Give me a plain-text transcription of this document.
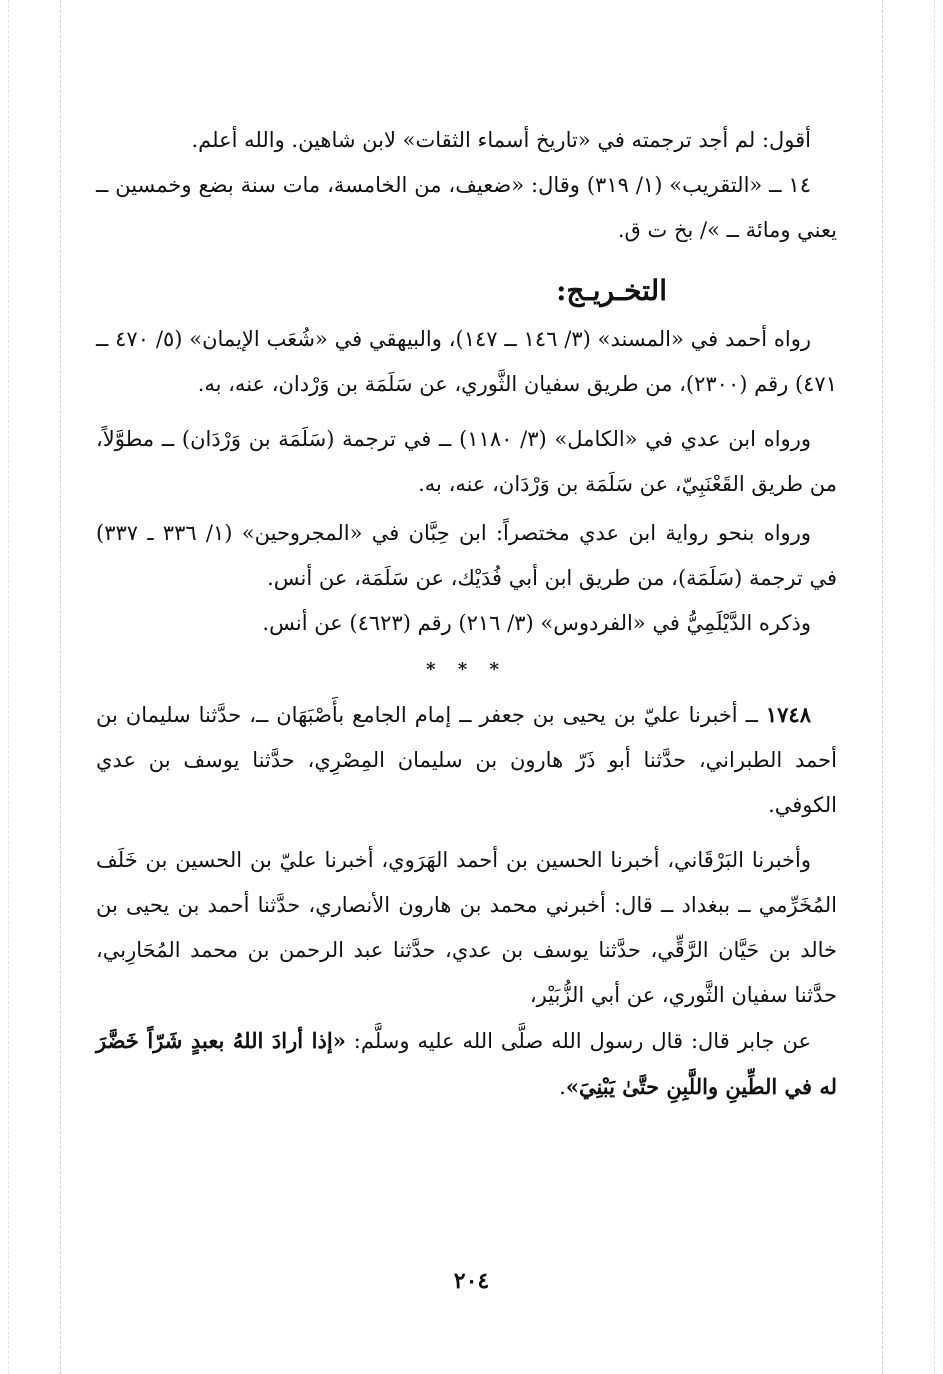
أقول: لم أجد ترجمته في «تاريخ أسماء الثقات» لابن شاهين. والله أعلم.

١٤ ــ «التقريب» (١/ ٣١٩) وقال: «ضعيف، من الخامسة، مات سنة بضع وخمسين ــ يعني ومائة ــ »/ بخ ت ق.

التخـريـج:

رواه أحمد في «المسند» (٣/ ١٤٦ ــ ١٤٧)، والبيهقي في «شُعَب الإيمان» (٥/ ٤٧٠ ــ ٤٧١) رقم (٢٣٠٠)، من طريق سفيان الثَّوري، عن سَلَمَة بن وَرْدان، عنه، به.

ورواه ابن عدي في «الكامل» (٣/ ١١٨٠) ــ في ترجمة (سَلَمَة بن وَرْدَان) ــ مطوَّلاً، من طريق القَعْنَبِيّ، عن سَلَمَة بن وَرْدَان، عنه، به.

ورواه بنحو رواية ابن عدي مختصراً: ابن حِبَّان في «المجروحين» (١/ ٣٣٦ ـ ٣٣٧) في ترجمة (سَلَمَة)، من طريق ابن أبي فُدَيْك، عن سَلَمَة، عن أنس.

وذكره الدَّيْلَمِيُّ في «الفردوس» (٣/ ٢١٦) رقم (٤٦٢٣) عن أنس.

* * *

١٧٤٨ ــ أخبرنا عليّ بن يحيى بن جعفر ــ إمام الجامع بأَصْبَهَان ــ، حدَّثنا سليمان بن أحمد الطبراني، حدَّثنا أبو ذَرّ هارون بن سليمان المِصْرِي، حدَّثنا يوسف بن عدي الكوفي.

وأخبرنا البَرْقَاني، أخبرنا الحسين بن أحمد الهَرَوي، أخبرنا عليّ بن الحسين بن خَلَف المُخَرِّمي ــ ببغداد ــ قال: أخبرني محمد بن هارون الأنصاري، حدَّثنا أحمد بن يحيى بن خالد بن حَيَّان الرَّقِّي، حدَّثنا يوسف بن عدي، حدَّثنا عبد الرحمن بن محمد المُحَارِبي، حدَّثنا سفيان الثَّوري، عن أبي الزُّبَيْر،

عن جابر قال: قال رسول الله صلَّى الله عليه وسلَّم: «إذا أرادَ اللهُ بعبدٍ شَرّاً خَضَّرَ له في الطِّينِ واللَّبِنِ حتَّىٰ يَبْنِيَ».

٢٠٤
